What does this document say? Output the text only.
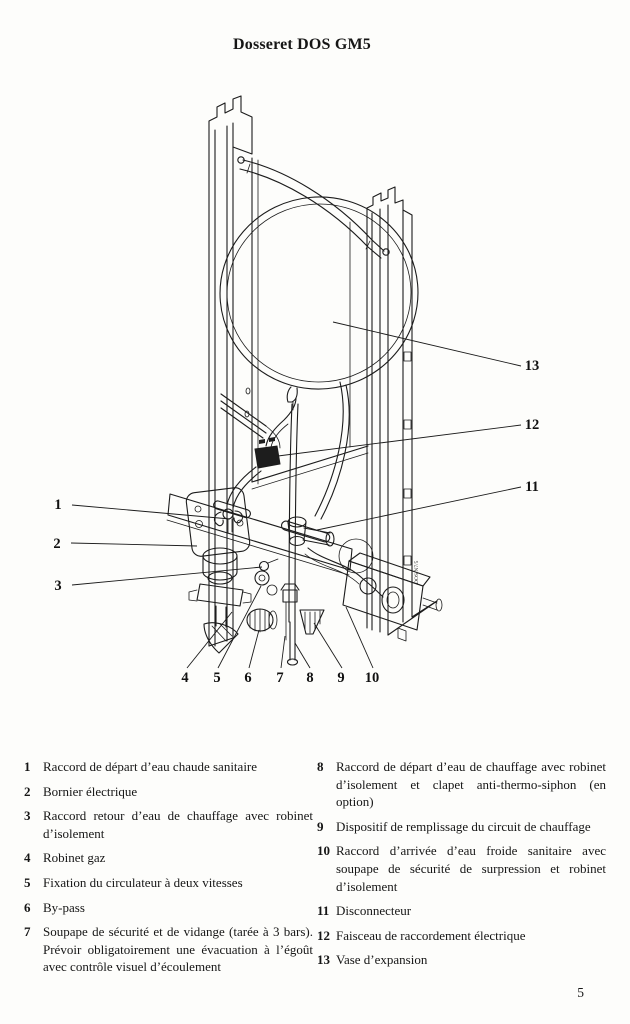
Dosseret DOS GM5
DOS N7/5
1
2
3
4 5 6 7 8 9 10
11
12
13
1 Raccord de départ d’eau chaude sanitaire
2 Bornier électrique
3 Raccord retour d’eau de chauffage avec robinet d’isolement
4 Robinet gaz
5 Fixation du circulateur à deux vitesses
6 By-pass
7 Soupape de sécurité et de vidange (tarée à 3 bars). Prévoir obligatoirement une évacuation à l’égoût avec contrôle visuel d’écoulement
8 Raccord de départ d’eau de chauffage avec robinet d’isolement et clapet anti-thermo-siphon (en option)
9 Dispositif de remplissage du circuit de chauffage
10 Raccord d’arrivée d’eau froide sanitaire avec soupape de sécurité de surpression et robinet d’isolement
11 Disconnecteur
12 Faisceau de raccordement électrique
13 Vase d’expansion
5
